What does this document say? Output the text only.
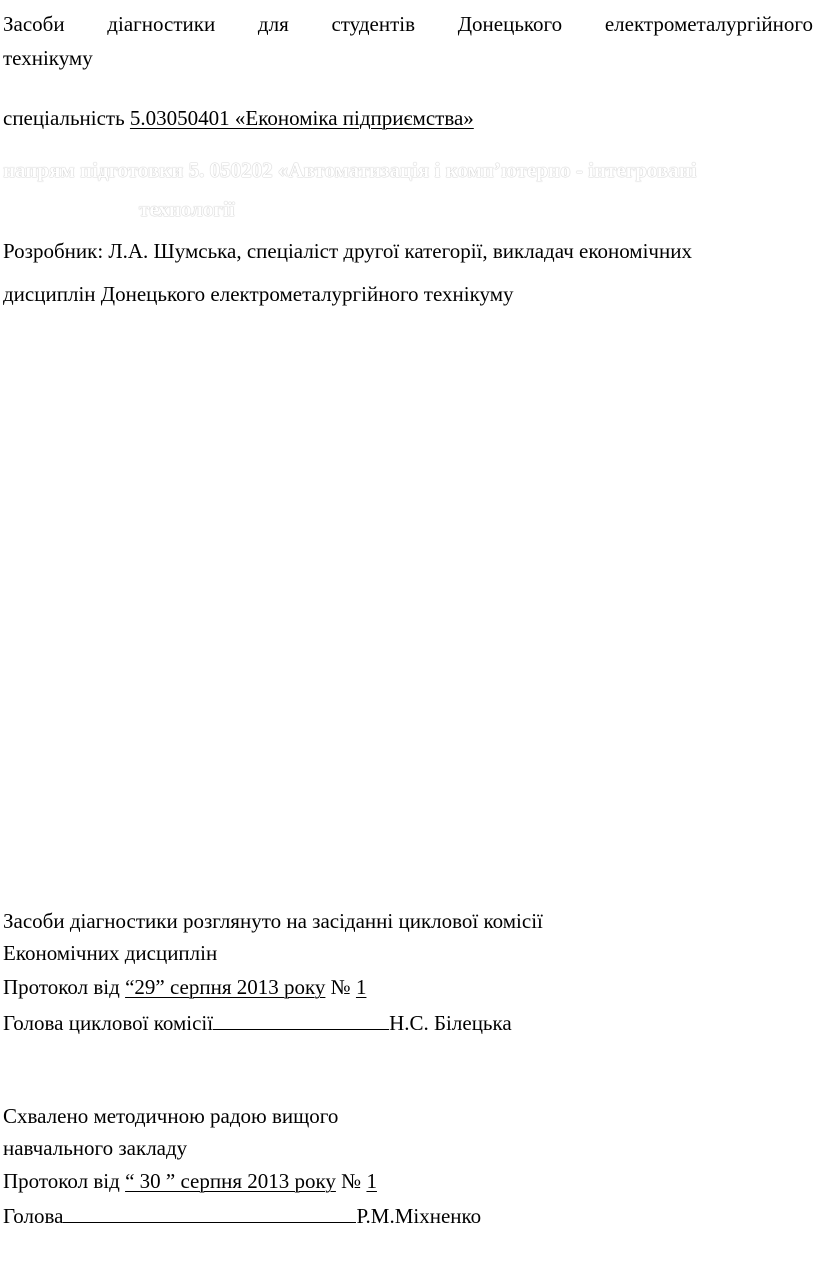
Засоби діагностики для студентів Донецького електрометалургійного
технікуму
спеціальність 5.03050401 «Економіка підприємства»
напрям підготовки 5. 050202 «Автоматизація і комп’ютерно - інтегровані
технології
Розробник: Л.А. Шумська, спеціаліст другої категорії, викладач економічних
дисциплін Донецького електрометалургійного технікуму
Засоби діагностики розглянуто на засіданні циклової комісії
Економічних дисциплін
Протокол від “29” серпня 2013 року № 1
Голова циклової комісії	Н.С. Білецька
Схвалено методичною радою вищого
навчального закладу
Протокол від “ 30 ” серпня 2013 року № 1
Голова	Р.М.Міхненко
